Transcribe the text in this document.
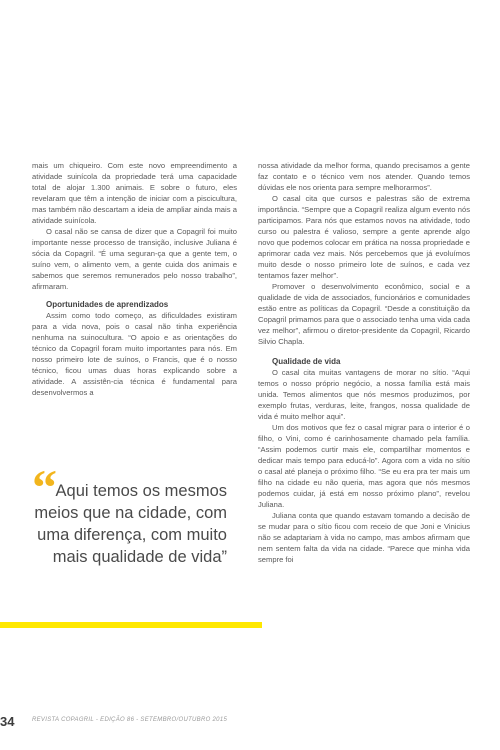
mais um chiqueiro. Com este novo empreendimento a atividade suinícola da propriedade terá uma capacidade total de alojar 1.300 animais. E sobre o futuro, eles revelaram que têm a intenção de iniciar com a piscicultura, mas também não descartam a ideia de ampliar ainda mais a atividade suinícola.

O casal não se cansa de dizer que a Copagril foi muito importante nesse processo de transição, inclusive Juliana é sócia da Copagril. “É uma seguran-ça que a gente tem, o suíno vem, o alimento vem, a gente cuida dos animais e sabemos que seremos remunerados pelo nosso trabalho”, afirmaram.

Oportunidades de aprendizados

Assim como todo começo, as dificuldades existiram para a vida nova, pois o casal não tinha experiência nenhuma na suinocultura. “O apoio e as orientações do técnico da Copagril foram muito importantes para nós. Em nosso primeiro lote de suínos, o Francis, que é o nosso técnico, ficou umas duas horas explicando sobre a atividade. A assistên-cia técnica é fundamental para desenvolvermos a

“
Aqui temos os mesmos meios que na cidade, com uma diferença, com muito mais qualidade de vida”

nossa atividade da melhor forma, quando precisamos a gente faz contato e o técnico vem nos atender. Quando temos dúvidas ele nos orienta para sempre melhorarmos”.

O casal cita que cursos e palestras são de extrema importância. “Sempre que a Copagril realiza algum evento nós participamos. Para nós que estamos novos na atividade, todo curso ou palestra é valioso, sempre a gente aprende algo novo que podemos colocar em prática na nossa propriedade e aprimorar cada vez mais. Nós percebemos que já evoluímos muito desde o nosso primeiro lote de suínos, e cada vez tentamos fazer melhor”.

Promover o desenvolvimento econômico, social e a qualidade de vida de associados, funcionários e comunidades estão entre as políticas da Copagril. “Desde a constituição da Copagril primamos para que o associado tenha uma vida cada vez melhor”, afirmou o diretor-presidente da Copagril, Ricardo Silvio Chapla.

Qualidade de vida

O casal cita muitas vantagens de morar no sítio. “Aqui temos o nosso próprio negócio, a nossa família está mais unida. Temos alimentos que nós mesmos produzimos, por exemplo frutas, verduras, leite, frangos, nossa qualidade de vida é muito melhor aqui”.

Um dos motivos que fez o casal migrar para o interior é o filho, o Vini, como é carinhosamente chamado pela família. “Assim podemos curtir mais ele, compartilhar momentos e dedicar mais tempo para educá-lo”. Agora com a vida no sítio o casal até planeja o próximo filho. “Se eu era pra ter mais um filho na cidade eu não queria, mas agora que nós mesmos podemos cuidar, já está em nosso próximo plano”, revelou Juliana.

Juliana conta que quando estavam tomando a decisão de se mudar para o sítio ficou com receio de que Joni e Vinicius não se adaptariam à vida no campo, mas ambos afirmam que nem sentem falta da vida na cidade. “Parece que minha vida sempre foi

34	REVISTA COPAGRIL - EDIÇÃO 86 - SETEMBRO/OUTUBRO 2015
